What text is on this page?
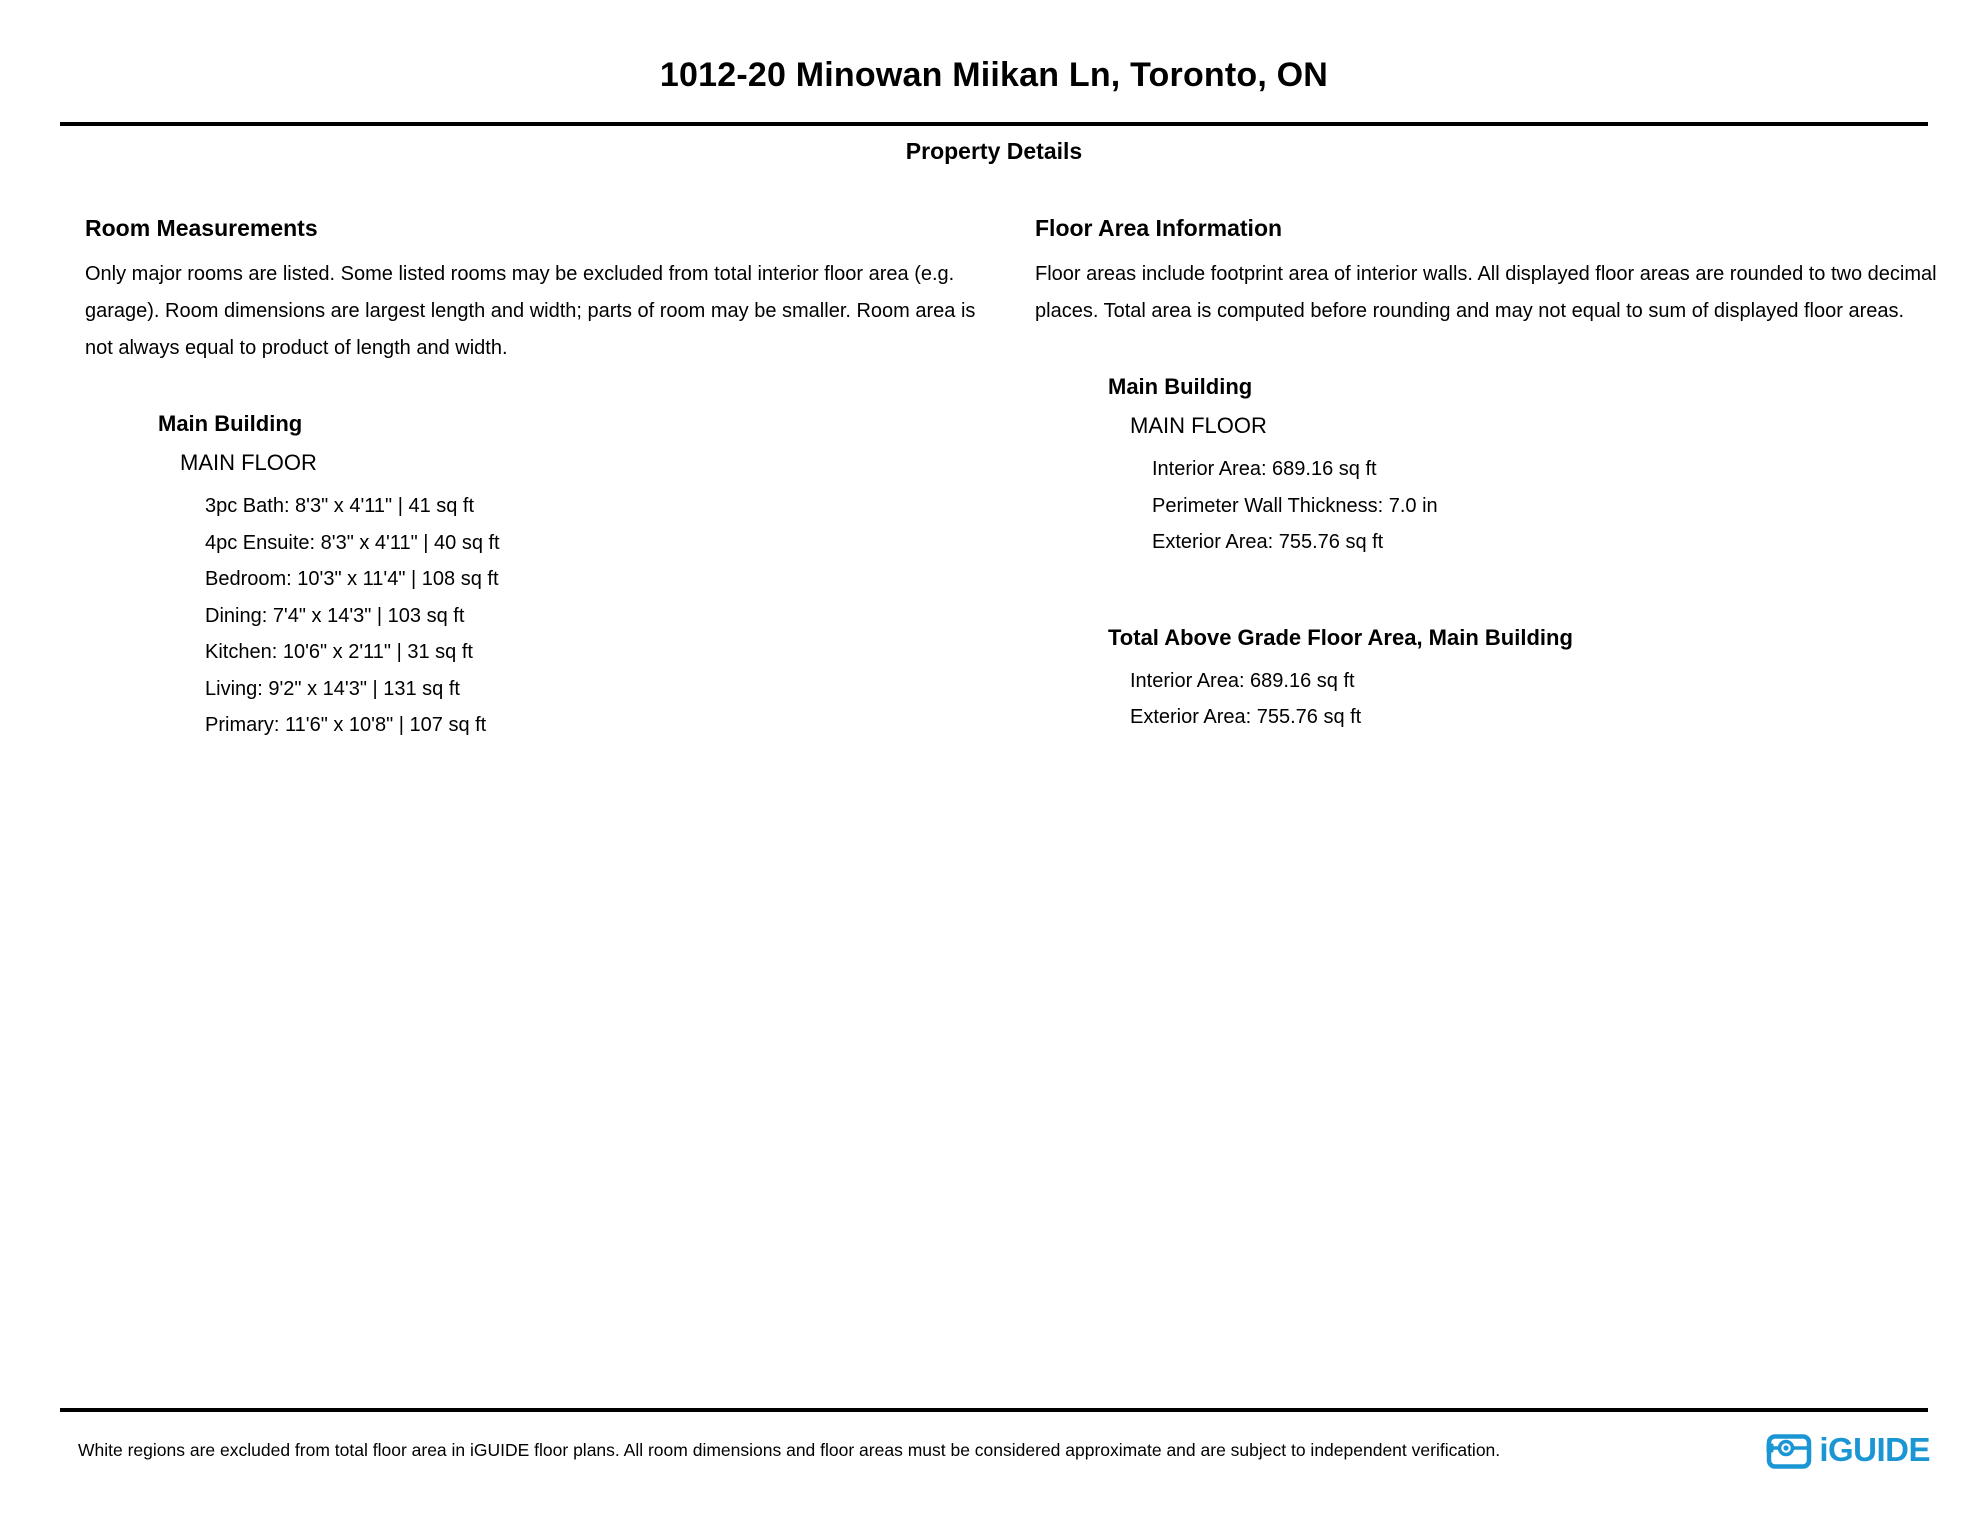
1012-20 Minowan Miikan Ln, Toronto, ON
Property Details
Room Measurements
Only major rooms are listed. Some listed rooms may be excluded from total interior floor area (e.g. garage). Room dimensions are largest length and width; parts of room may be smaller. Room area is not always equal to product of length and width.
Main Building
MAIN FLOOR
3pc Bath: 8'3" x 4'11" | 41 sq ft
4pc Ensuite: 8'3" x 4'11" | 40 sq ft
Bedroom: 10'3" x 11'4" | 108 sq ft
Dining: 7'4" x 14'3" | 103 sq ft
Kitchen: 10'6" x 2'11" | 31 sq ft
Living: 9'2" x 14'3" | 131 sq ft
Primary: 11'6" x 10'8" | 107 sq ft
Floor Area Information
Floor areas include footprint area of interior walls. All displayed floor areas are rounded to two decimal places. Total area is computed before rounding and may not equal to sum of displayed floor areas.
Main Building
MAIN FLOOR
Interior Area: 689.16 sq ft
Perimeter Wall Thickness: 7.0 in
Exterior Area: 755.76 sq ft
Total Above Grade Floor Area, Main Building
Interior Area: 689.16 sq ft
Exterior Area: 755.76 sq ft
White regions are excluded from total floor area in iGUIDE floor plans. All room dimensions and floor areas must be considered approximate and are subject to independent verification.	iGUIDE
